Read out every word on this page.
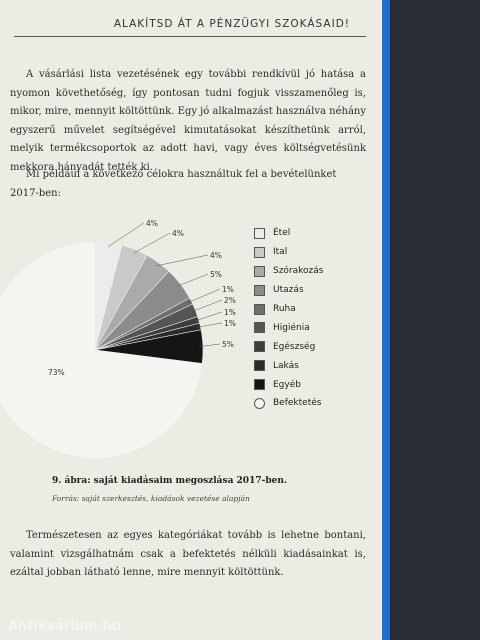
ALAKÍTSD ÁT A PÉNZÜGYI SZOKÁSAID!

A vásárlási lista vezetésének egy további rendkívül jó hatása a nyomon követhetőség, így pontosan tudni fogjuk visszamenőleg is, mikor, mire, mennyit költöttünk. Egy jó alkalmazást használva néhány egyszerű művelet segítségével kimutatásokat készíthetünk arról, melyik termékcsoportok az adott havi, vagy éves költségvetésünk mekkora hányadát tették ki.

Mi például a következő célokra használtuk fel a bevételünket 2017-ben:

4%
4%
4%
5%
1%
2%
1%
1%
5%
73%
Étel
Ital
Szórakozás
Utazás
Ruha
Higiénia
Egészség
Lakás
Egyéb
Befektetés
9. ábra: saját kiadásaim megoszlása 2017-ben.
Forrás: saját szerkesztés, kiadások vezetése alapján

Természetesen az egyes kategóriákat tovább is lehetne bontani, valamint vizsgálhatnám csak a befektetés nélküli kiadásainkat is, ezáltal jobban látható lenne, mire mennyit költöttünk.

Antikvárium.hu
